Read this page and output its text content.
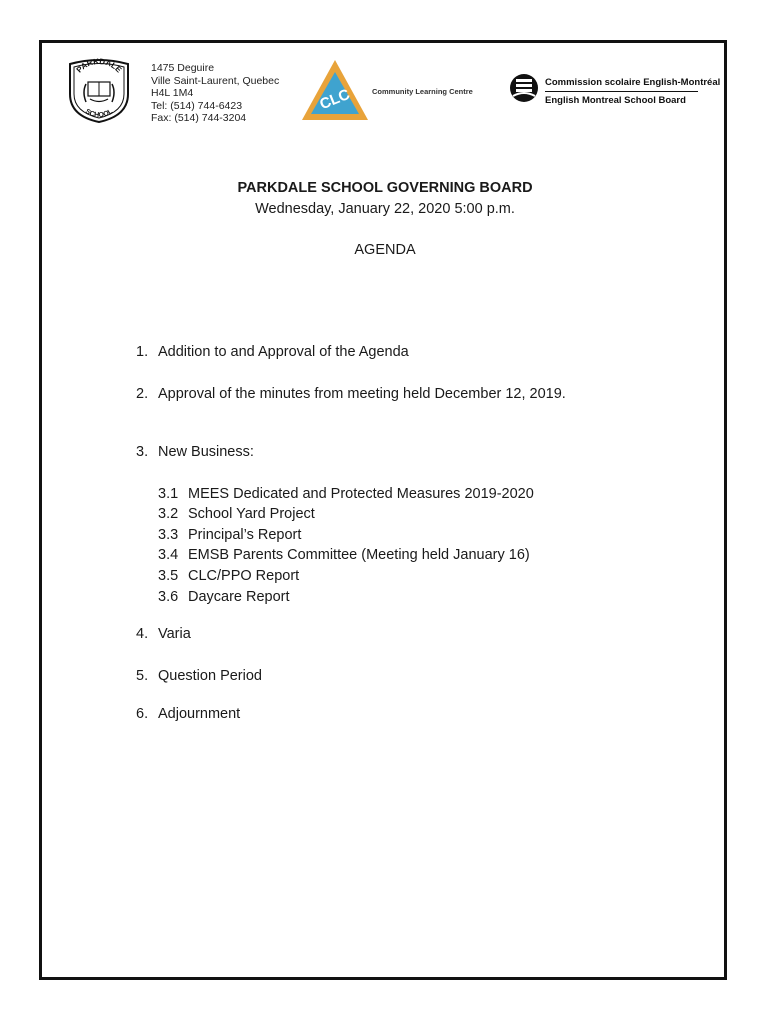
PARKDALE
SCHOOL
1475 Deguire
Ville Saint-Laurent, Quebec
H4L 1M4
Tel: (514) 744-6423
Fax: (514) 744-3204
CLC	Community Learning Centre
Commission scolaire English-Montréal
English Montreal School Board
PARKDALE SCHOOL GOVERNING BOARD
Wednesday, January 22, 2020 5:00 p.m.
AGENDA
1. Addition to and Approval of the Agenda
2. Approval of the minutes from meeting held December 12, 2019.
3. New Business:
3.1 MEES Dedicated and Protected Measures 2019-2020
3.2 School Yard Project
3.3 Principal’s Report
3.4 EMSB Parents Committee (Meeting held January 16)
3.5 CLC/PPO Report
3.6 Daycare Report
4. Varia
5. Question Period
6. Adjournment
